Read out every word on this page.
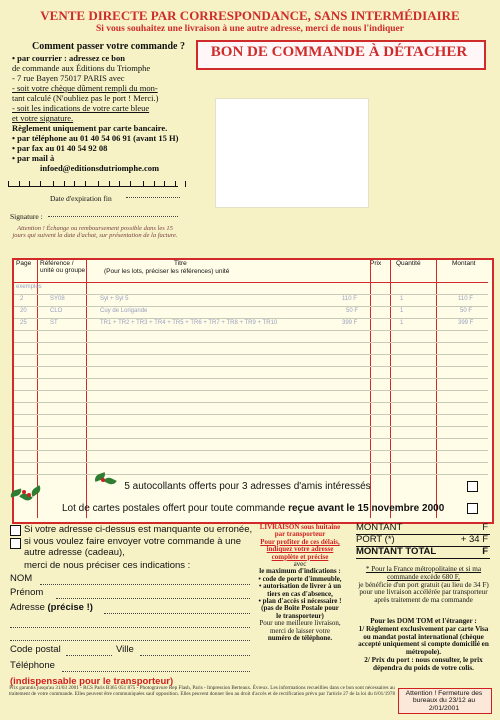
VENTE DIRECTE PAR CORRESPONDANCE, SANS INTERMÉDIAIRE
Si vous souhaitez une livraison à une autre adresse, merci de nous l'indiquer
BON DE COMMANDE À DÉTACHER
Comment passer votre commande ?
• par courrier : adressez ce bon
de commande aux Éditions du Triomphe
- 7 rue Bayen 75017 PARIS avec
- soit votre chèque dûment rempli du mon-
tant calculé (N'oubliez pas le port ! Merci.)
- soit les indications de votre carte bleue
et votre signature.
Règlement uniquement par carte bancaire.
• par téléphone au 01 40 54 06 91 (avant 15 H)
• par fax au 01 40 54 92 08
• par mail à
infoed@editionsdutriomphe.com
Date d'expiration fin
Signature :
Attention ! Échange ou remboursement possible dans les 15 jours qui suivent la date d'achat, sur présentation de la facture.
Page Référence / unité ou groupe
Titre
(Pour les lots, préciser les références) unité
Prix Quantité	Montant
exemples
2	SY08	Syl + Syl 5	110 F	1	110 F
20	CLO	Cuy de Lorigande	50 F	1	50 F
25	ST	TR1 + TR2 + TR3 + TR4 + TR5 + TR6 + TR7 + TR8 + TR9 + TR10	399 F	1	399 F
5 autocollants offerts pour 3 adresses d'amis intéressés
Lot de cartes postales offert pour toute commande reçue avant le 15 novembre 2000
Si votre adresse ci-dessus est manquante ou erronée,
si vous voulez faire envoyer votre commande à une autre adresse (cadeau),
merci de nous préciser ces indications :
NOM
Prénom
Adresse (précise !)
Code postal	Ville
Téléphone
(indispensable pour le transporteur)
LIVRAISON sous huitaine par transporteur
Pour profiter de ces délais, indiquez votre adresse complète et précise
avec
le maximum d'indications :
• code de porte d'immeuble,
• autorisation de livrer à un tiers en cas d'absence,
• plan d'accès si nécessaire ! (pas de Boîte Postale pour le transporteur)
Pour une meilleure livraison, merci de laisser votre
numéro de téléphone.
MONTANT	F
PORT (*)	+ 34 F
MONTANT TOTAL	F
* Pour la France métropolitaine et si ma commande excède 680 F,
je bénéficie d'un port gratuit (au lieu de 34 F) pour une livraison accélérée par transporteur après traitement de ma commande
Pour les DOM TOM et l'étranger :
1/ Règlement exclusivement par carte Visa ou mandat postal international (chèque accepté uniquement si compte domicilié en métropole).
2/ Prix du port : nous consulter, le prix dépendra du poids de votre colis.
Prix garantis jusqu'au 31/03 2001 - RCS Paris B365 051 875 - Photogravure Rep Flash, Paris - Impression Berteaux. Évreux. Les informations recueillies dans ce bon sont nécessaires au traitement de votre commande. Elles peuvent être communiquées sauf opposition. Elles peuvent donner lieu au droit d'accès et de rectification prévu par l'article 27 de la loi du 6/01/1978	Attention ! Fermeture des bureaux du 23/12 au 2/01/2001
